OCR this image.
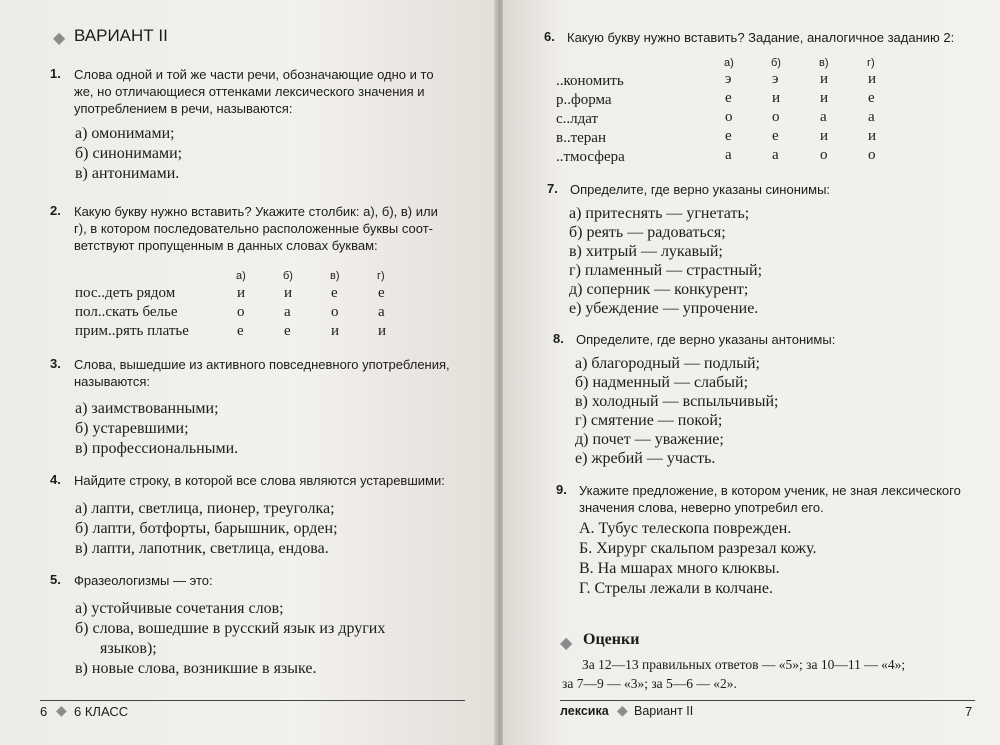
◆ ВАРИАНТ II
1. Слова одной и той же части речи, обозначающие одно и то
же, но отличающиеся оттенками лексического значения и
употреблением в речи, называются:
а) омонимами;
б) синонимами;
в) антонимами.
2. Какую букву нужно вставить? Укажите столбик: а), б), в) или
г), в котором последовательно расположенные буквы соот-
ветствуют пропущенным в данных словах буквам:
а)	б)	в)	г)
пос..деть рядом	и	и	е	е
пол..скать белье	о	а	о	а
прим..рять платье	е	е	и	и
3. Слова, вышедшие из активного повседневного употребления,
называются:
а) заимствованными;
б) устаревшими;
в) профессиональными.
4. Найдите строку, в которой все слова являются устаревшими:
а) лапти, светлица, пионер, треуголка;
б) лапти, ботфорты, барышник, орден;
в) лапти, лапотник, светлица, ендова.
5. Фразеологизмы — это:
а) устойчивые сочетания слов;
б) слова, вошедшие в русский язык из других
языков);
в) новые слова, возникшие в языке.
6 ◆ 6 КЛАСС
6. Какую букву нужно вставить? Задание, аналогичное заданию 2:
а)	б)	в)	г)
..кономить	э	э	и	и
р..форма	е	и	и	е
с..лдат	о	о	а	а
в..теран	е	е	и	и
..тмосфера	а	а	о	о
7. Определите, где верно указаны синонимы:
а) притеснять — угнетать;
б) реять — радоваться;
в) хитрый — лукавый;
г) пламенный — страстный;
д) соперник — конкурент;
е) убеждение — упрочение.
8. Определите, где верно указаны антонимы:
а) благородный — подлый;
б) надменный — слабый;
в) холодный — вспыльчивый;
г) смятение — покой;
д) почет — уважение;
е) жребий — участь.
9. Укажите предложение, в котором ученик, не зная лексического
значения слова, неверно употребил его.
А. Тубус телескопа поврежден.
Б. Хирург скальпом разрезал кожу.
В. На мшарах много клюквы.
Г. Стрелы лежали в колчане.
◆ Оценки
За 12—13 правильных ответов — «5»; за 10—11 — «4»;
за 7—9 — «3»; за 5—6 — «2».
лексика ◆ Вариант II	7
